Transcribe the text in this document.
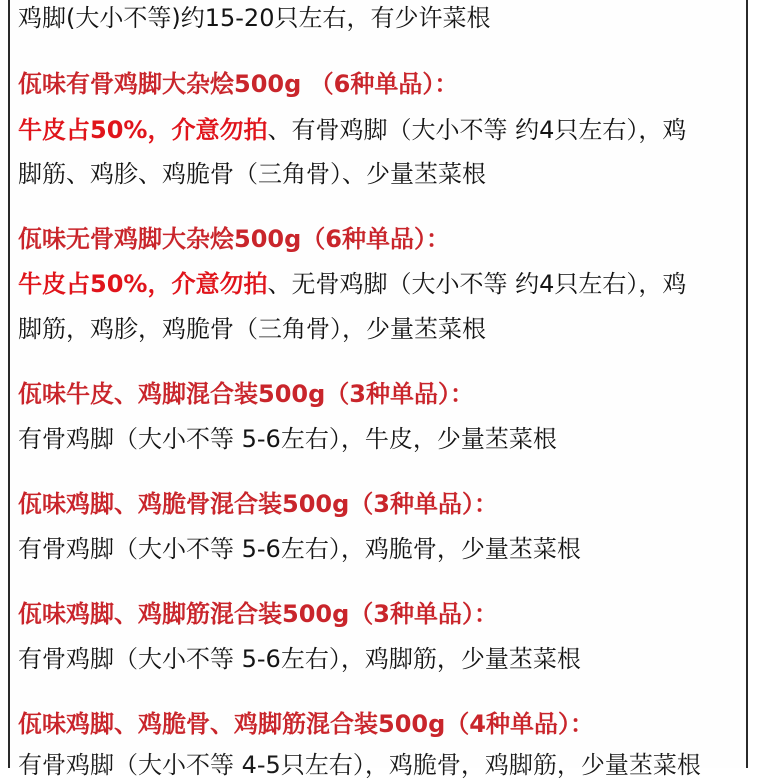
鸡脚(大小不等)约15-20只左右，有少许菜根
佤味有骨鸡脚大杂烩500g （6种单品）：
牛皮占50%，介意勿拍、有骨鸡脚（大小不等 约4只左右），鸡
脚筋、鸡胗、鸡脆骨（三角骨）、少量苤菜根
佤味无骨鸡脚大杂烩500g（6种单品）：
牛皮占50%，介意勿拍、无骨鸡脚（大小不等 约4只左右），鸡
脚筋，鸡胗，鸡脆骨（三角骨），少量苤菜根
佤味牛皮、鸡脚混合装500g（3种单品）：
有骨鸡脚（大小不等 5-6左右），牛皮，少量苤菜根
佤味鸡脚、鸡脆骨混合装500g（3种单品）：
有骨鸡脚（大小不等 5-6左右），鸡脆骨，少量苤菜根
佤味鸡脚、鸡脚筋混合装500g（3种单品）：
有骨鸡脚（大小不等 5-6左右），鸡脚筋，少量苤菜根
佤味鸡脚、鸡脆骨、鸡脚筋混合装500g（4种单品）：
有骨鸡脚（大小不等 4-5只左右），鸡脆骨，鸡脚筋，少量苤菜根
